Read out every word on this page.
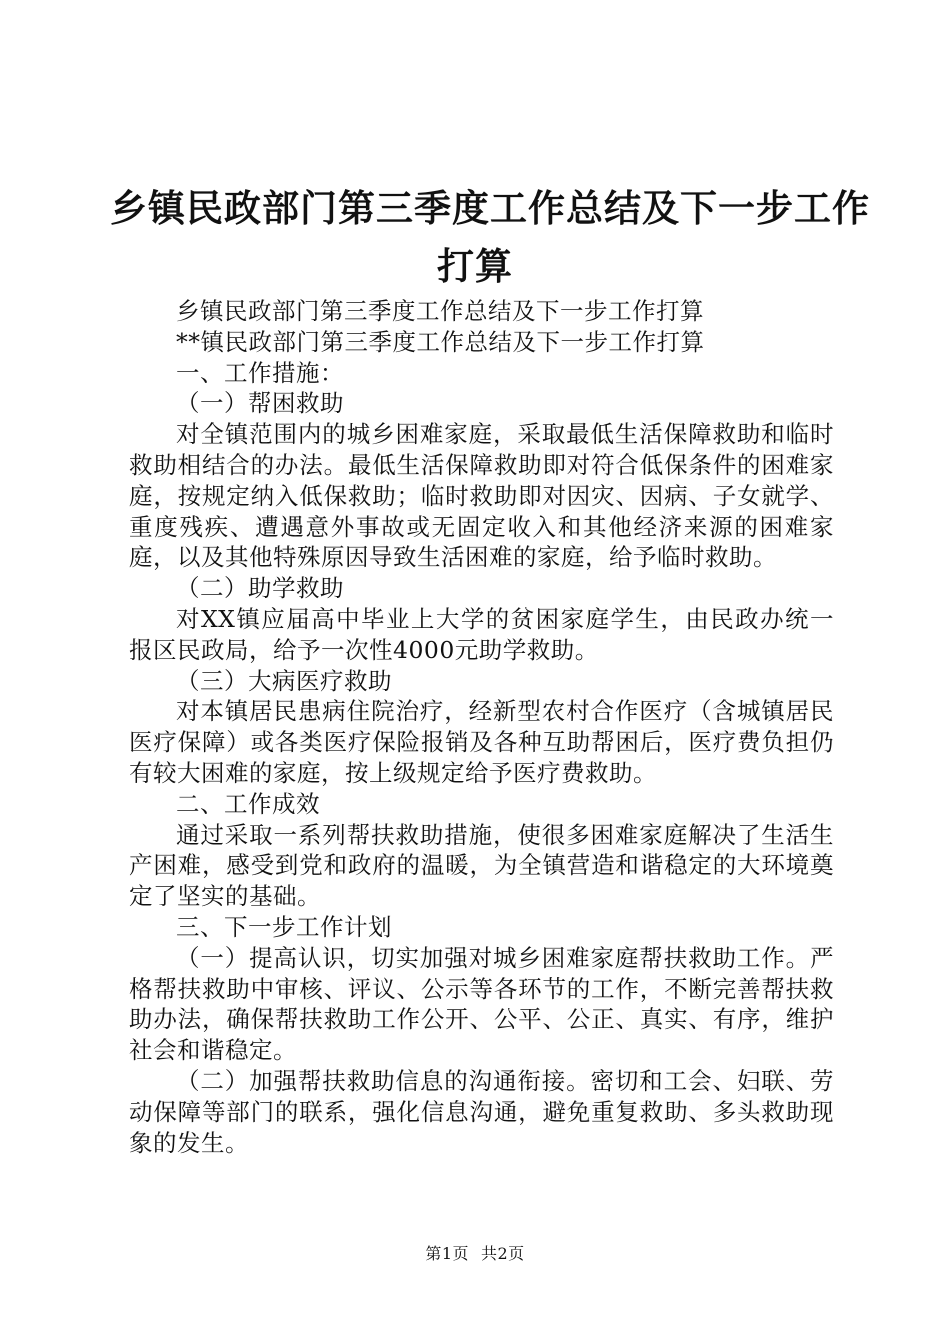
乡镇民政部门第三季度工作总结及下一步工作
打算

乡镇民政部门第三季度工作总结及下一步工作打算

**镇民政部门第三季度工作总结及下一步工作打算

一、工作措施：

（一）帮困救助

对全镇范围内的城乡困难家庭，采取最低生活保障救助和临时救助相结合的办法。最低生活保障救助即对符合低保条件的困难家庭，按规定纳入低保救助；临时救助即对因灾、因病、子女就学、重度残疾、遭遇意外事故或无固定收入和其他经济来源的困难家庭，以及其他特殊原因导致生活困难的家庭，给予临时救助。

（二）助学救助

对XX镇应届高中毕业上大学的贫困家庭学生，由民政办统一报区民政局，给予一次性4000元助学救助。

（三）大病医疗救助

对本镇居民患病住院治疗，经新型农村合作医疗（含城镇居民医疗保障）或各类医疗保险报销及各种互助帮困后，医疗费负担仍有较大困难的家庭，按上级规定给予医疗费救助。

二、工作成效

通过采取一系列帮扶救助措施，使很多困难家庭解决了生活生产困难，感受到党和政府的温暖，为全镇营造和谐稳定的大环境奠定了坚实的基础。

三、下一步工作计划

（一）提高认识，切实加强对城乡困难家庭帮扶救助工作。严格帮扶救助中审核、评议、公示等各环节的工作，不断完善帮扶救助办法，确保帮扶救助工作公开、公平、公正、真实、有序，维护社会和谐稳定。

（二）加强帮扶救助信息的沟通衔接。密切和工会、妇联、劳动保障等部门的联系，强化信息沟通，避免重复救助、多头救助现象的发生。

第1页 共2页
